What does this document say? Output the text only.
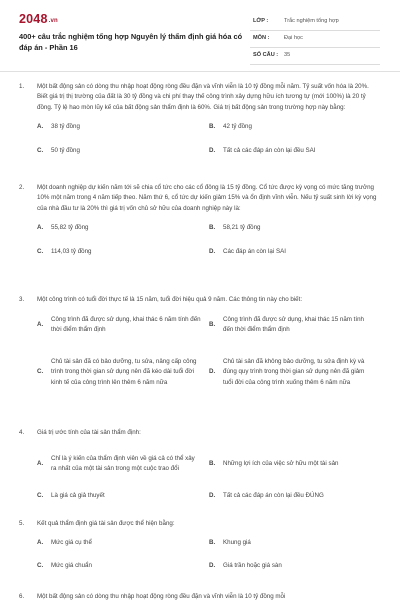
2048.vn
400+ câu trắc nghiệm tổng hợp Nguyên lý thẩm định giá hóa có đáp án - Phần 16
LỚP :	Trắc nghiệm tổng hợp
MÔN :	Đại học
SỐ CÂU : 35
1. Một bất động sản có dòng thu nhập hoạt động ròng đều đặn và vĩnh viễn là 10 tỷ đồng mỗi năm. Tỷ suất vốn hóa là 20%. Biết giá trị thị trường của đất là 30 tỷ đồng và chi phí thay thế công trình xây dựng hữu ích tương tự (mới 100%) là 20 tỷ đồng. Tỷ lệ hao mòn lũy kế của bất động sản thẩm định là 60%. Giá trị bất động sản trong trường hợp này bằng:
A. 38 tỷ đồng	B. 42 tỷ đồng
C. 50 tỷ đồng	D. Tất cả các đáp án còn lại đều SAI
2. Một doanh nghiệp dự kiến năm tới sẽ chia cổ tức cho các cổ đông là 15 tỷ đồng. Cổ tức được kỳ vọng có mức tăng trưởng 10% một năm trong 4 năm tiếp theo. Năm thứ 6, cổ tức dự kiến giảm 15% và ổn định vĩnh viễn. Nếu tỷ suất sinh lời kỳ vọng của nhà đầu tư là 20% thì giá trị vốn chủ sở hữu của doanh nghiệp này là:
A. 55,82 tỷ đồng	B. 58,21 tỷ đồng
C. 114,03 tỷ đồng	D. Các đáp án còn lại SAI
3. Một công trình có tuổi đời thực tế là 15 năm, tuổi đời hiệu quả 9 năm. Các thông tin này cho biết:
A.
Công trình đã được sử dụng, khai thác 6 năm tính đến thời điểm thẩm định
B.
Công trình đã được sử dụng, khai thác 15 năm tính đến thời điểm thẩm định
C.
Chủ tài sản đã có bảo dưỡng, tu sửa, nâng cấp công trình trong thời gian sử dụng nên đã kéo dài tuổi đời kinh tế của công trình lên thêm 6 năm nữa
D.
Chủ tài sản đã không bảo dưỡng, tu sửa định kỳ và đúng quy trình trong thời gian sử dụng nên đã giảm tuổi đời của công trình xuống thêm 6 năm nữa
4. Giá trị ước tính của tài sản thẩm định:
A.
Chỉ là ý kiến của thẩm định viên về giá cả có thể xảy ra nhất của một tài sản trong một cuộc trao đổi
B. Những lợi ích của việc sở hữu một tài sản
C. Là giá cả giả thuyết	D. Tất cả các đáp án còn lại đều ĐÚNG
5. Kết quả thẩm định giá tài sản được thể hiện bằng:
A. Mức giá cụ thể	B. Khung giá
C. Mức giá chuẩn	D. Giá trần hoặc giá sàn
6. Một bất động sản có dòng thu nhập hoạt động ròng đều đặn và vĩnh viễn là 10 tỷ đồng mỗi
